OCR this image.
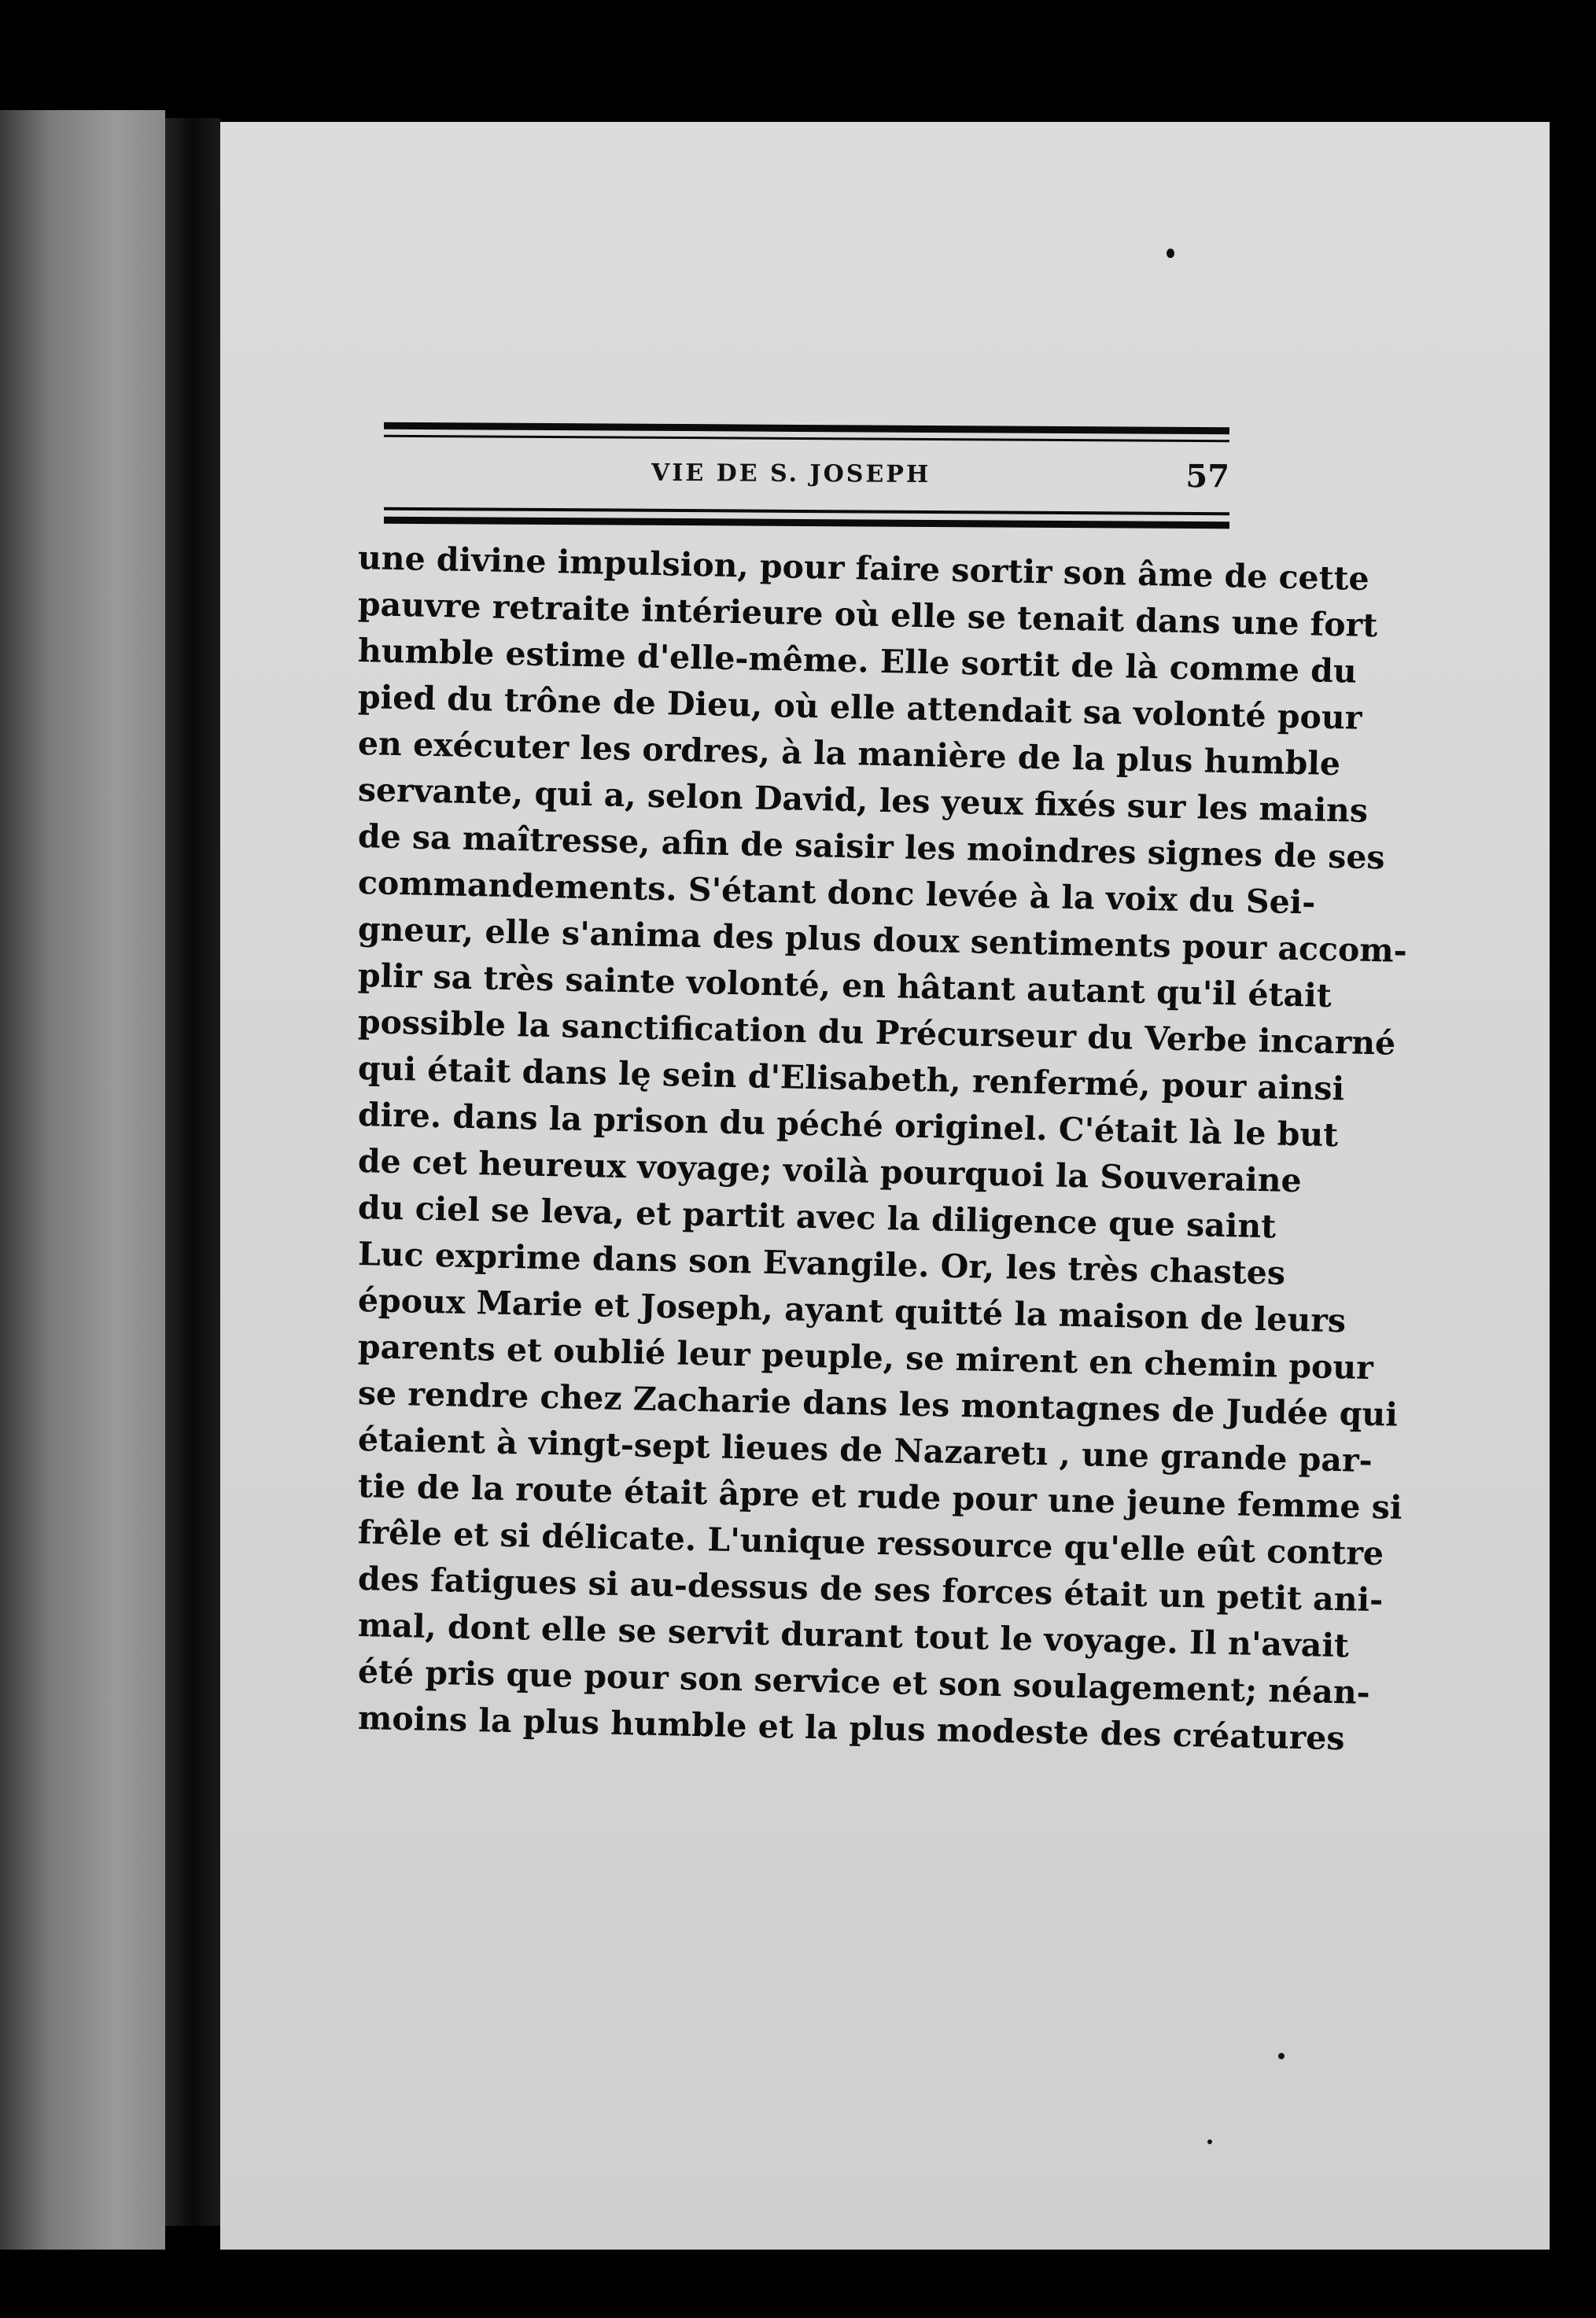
VIE DE S. JOSEPH	57
une divine impulsion, pour faire sortir son âme de cette
pauvre retraite intérieure où elle se tenait dans une fort
humble estime d'elle-même. Elle sortit de là comme du
pied du trône de Dieu, où elle attendait sa volonté pour
en exécuter les ordres, à la manière de la plus humble
servante, qui a, selon David, les yeux fixés sur les mains
de sa maîtresse, afin de saisir les moindres signes de ses
commandements. S'étant donc levée à la voix du Sei-
gneur, elle s'anima des plus doux sentiments pour accom-
plir sa très sainte volonté, en hâtant autant qu'il était
possible la sanctification du Précurseur du Verbe incarné
qui était dans lę sein d'Elisabeth, renfermé, pour ainsi
dire. dans la prison du péché originel. C'était là le but
de cet heureux voyage; voilà pourquoi la Souveraine
du ciel se leva, et partit avec la diligence que saint
Luc exprime dans son Evangile. Or, les très chastes
époux Marie et Joseph, ayant quitté la maison de leurs
parents et oublié leur peuple, se mirent en chemin pour
se rendre chez Zacharie dans les montagnes de Judée qui
étaient à vingt-sept lieues de Nazaretı , une grande par-
tie de la route était âpre et rude pour une jeune femme si
frêle et si délicate. L'unique ressource qu'elle eût contre
des fatigues si au-dessus de ses forces était un petit ani-
mal, dont elle se servit durant tout le voyage. Il n'avait
été pris que pour son service et son soulagement; néan-
moins la plus humble et la plus modeste des créatures
